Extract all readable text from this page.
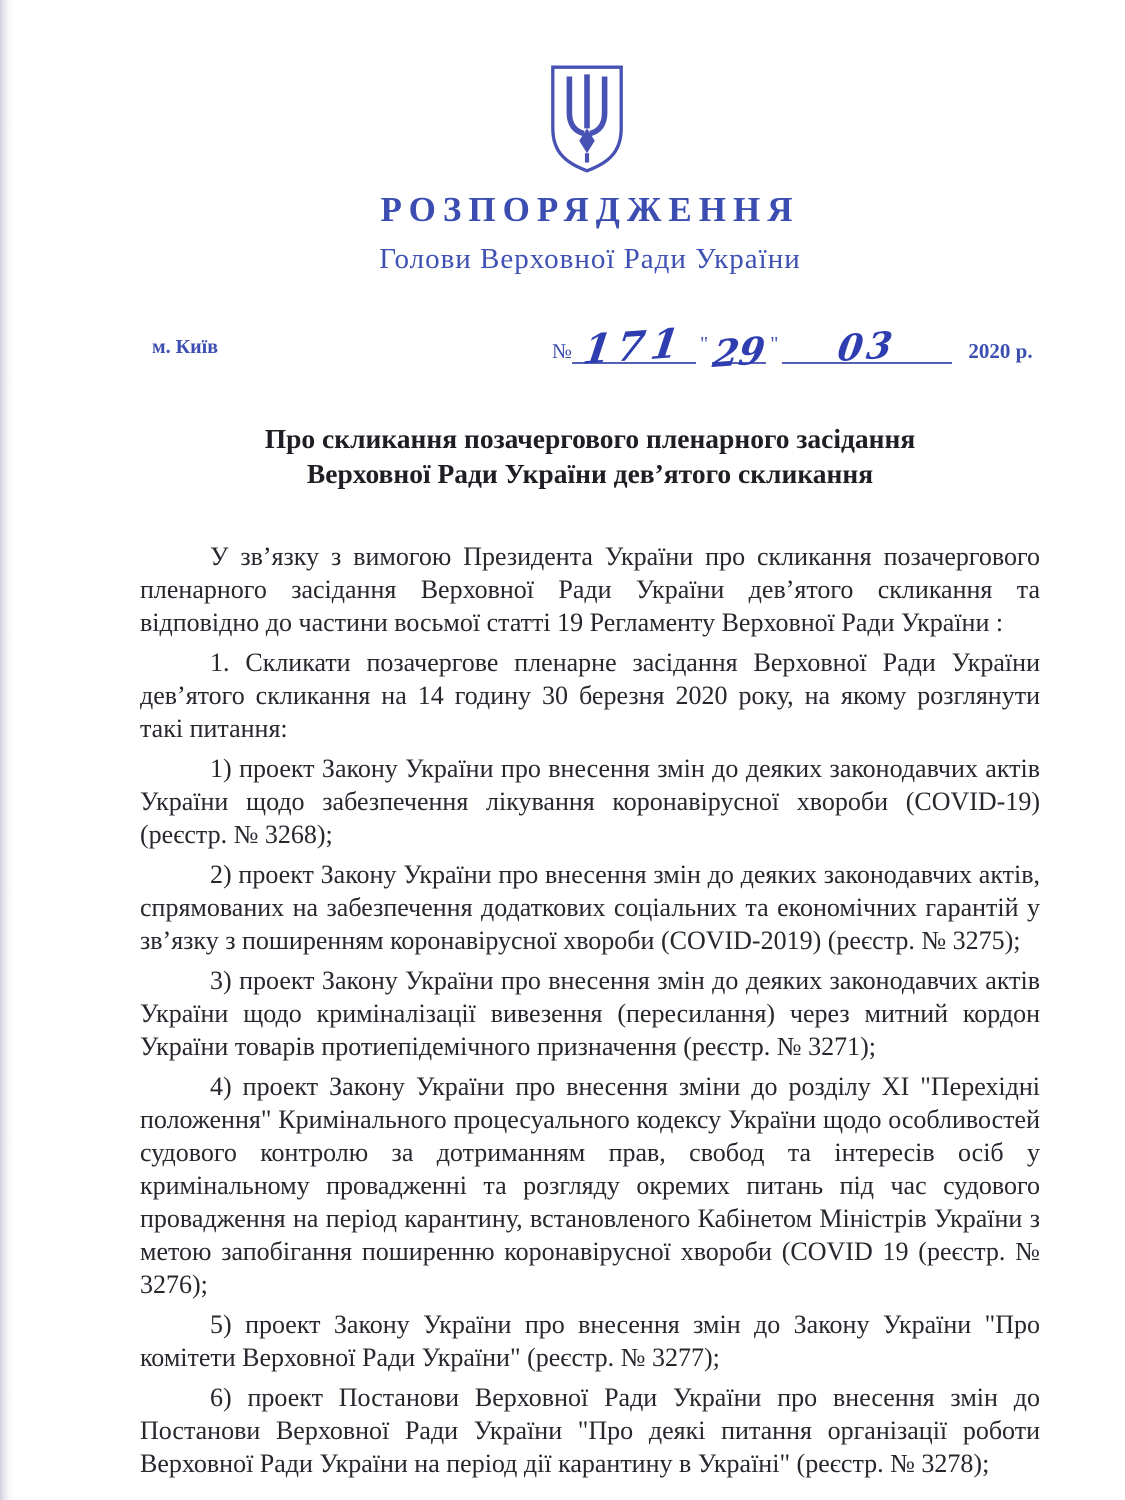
РОЗПОРЯДЖЕННЯ
Голови Верховної Ради України
м. Київ	№ 171 " 29 " 03	2020 р.
Про скликання позачергового пленарного засідання
Верховної Ради України дев’ятого скликання

У зв’язку з вимогою Президента України про скликання позачергового пленарного засідання Верховної Ради України дев’ятого скликання та відповідно до частини восьмої статті 19 Регламенту Верховної Ради України :

1. Скликати позачергове пленарне засідання Верховної Ради України дев’ятого скликання на 14 годину 30 березня 2020 року, на якому розглянути такі питання:

1) проект Закону України про внесення змін до деяких законодавчих актів України щодо забезпечення лікування коронавірусної хвороби (COVID-19) (реєстр. № 3268);

2) проект Закону України про внесення змін до деяких законодавчих актів, спрямованих на забезпечення додаткових соціальних та економічних гарантій у зв’язку з поширенням коронавірусної хвороби (COVID-2019) (реєстр. № 3275);

3) проект Закону України про внесення змін до деяких законодавчих актів України щодо криміналізації вивезення (пересилання) через митний кордон України товарів протиепідемічного призначення (реєстр. № 3271);

4) проект Закону України про внесення зміни до розділу XI "Перехідні положення" Кримінального процесуального кодексу України щодо особливостей судового контролю за дотриманням прав, свобод та інтересів осіб у кримінальному провадженні та розгляду окремих питань під час судового провадження на період карантину, встановленого Кабінетом Міністрів України з метою запобігання поширенню коронавірусної хвороби (COVID 19 (реєстр. № 3276);

5) проект Закону України про внесення змін до Закону України "Про комітети Верховної Ради України" (реєстр. № 3277);

6) проект Постанови Верховної Ради України про внесення змін до Постанови Верховної Ради України "Про деякі питання організації роботи Верховної Ради України на період дії карантину в Україні" (реєстр. № 3278);
